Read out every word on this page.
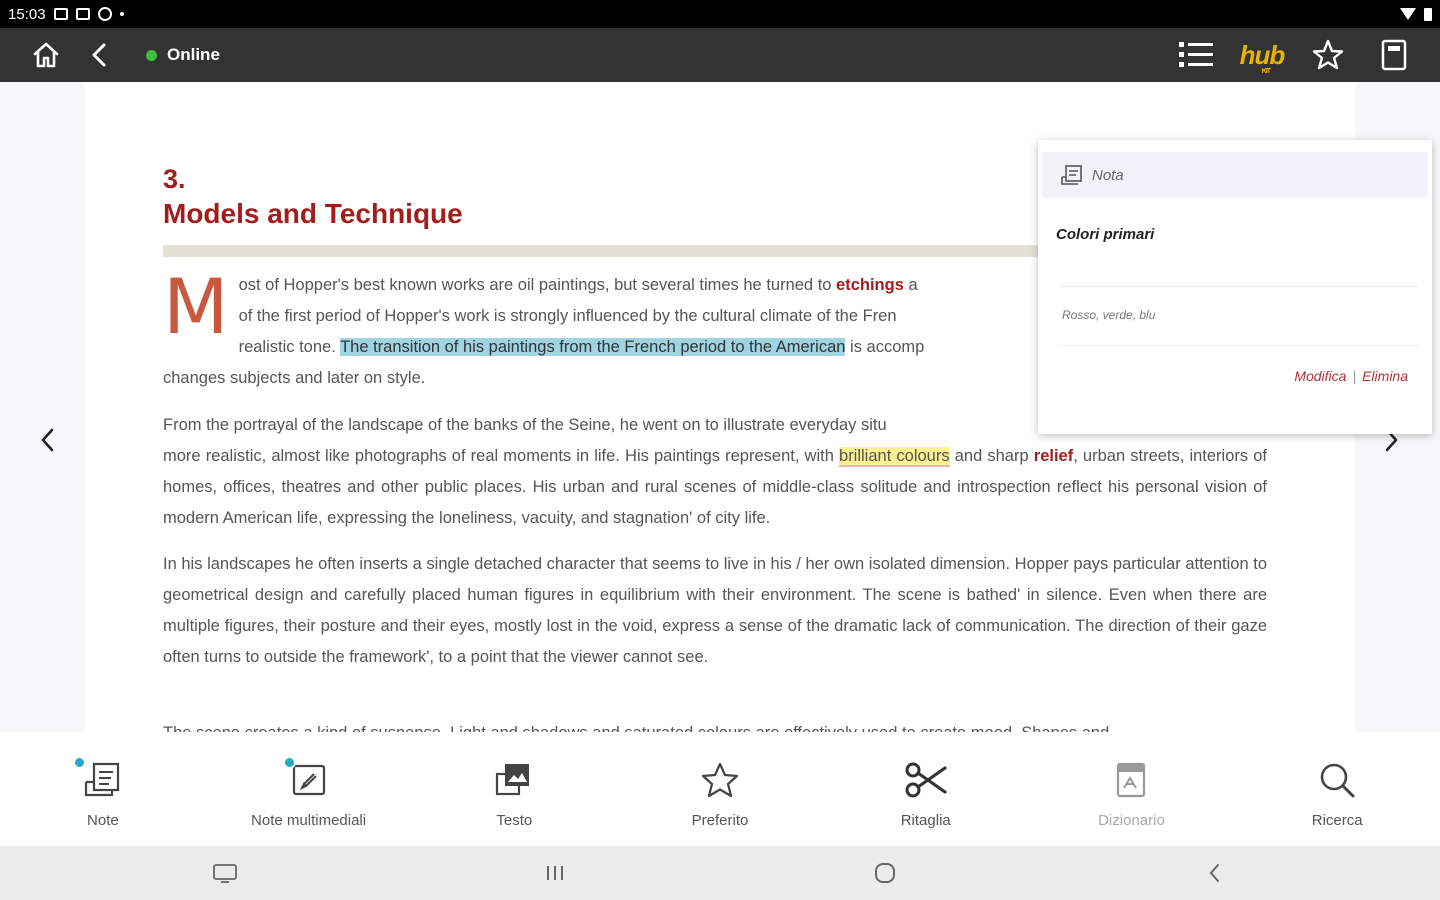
15:03
Online	hub
KIT
3.
Models and Technique
Most of Hopper's best known works are oil paintings, but several times he turned to etchings a
of the first period of Hopper's work is strongly influenced by the cultural climate of the Fren
realistic tone. The transition of his paintings from the French period to the American is accomp
changes subjects and later on style.
From the portrayal of the landscape of the banks of the Seine, he went on to illustrate everyday situ
more realistic, almost like photographs of real moments in life. His paintings represent, with brilliant colours and sharp relief, urban streets, interiors of homes, offices, theatres and other public places. His urban and rural scenes of middle-class solitude and introspection reflect his personal vision of modern American life, expressing the loneliness, vacuity, and stagnation' of city life.
In his landscapes he often inserts a single detached character that seems to live in his / her own isolated dimension. Hopper pays particular attention to geometrical design and carefully placed human figures in equilibrium with their environment. The scene is bathed' in silence. Even when there are multiple figures, their posture and their eyes, mostly lost in the void, express a sense of the dramatic lack of communication. The direction of their gaze often turns to outside the framework', to a point that the viewer cannot see.
Nota
Colori primari
Rosso, verde, blu
Modifica | Elimina
Note	Note multimediali	Testo	Preferito	Ritaglia	Dizionario	Ricerca
